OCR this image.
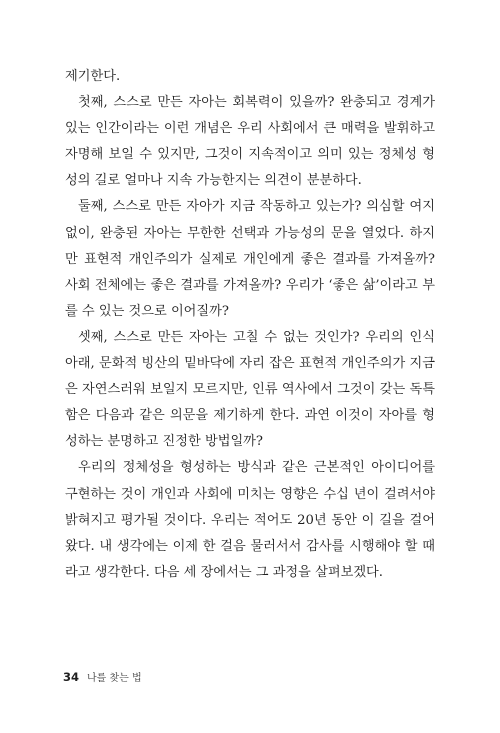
제기한다.

첫째, 스스로 만든 자아는 회복력이 있을까? 완충되고 경계가 있는 인간이라는 이런 개념은 우리 사회에서 큰 매력을 발휘하고 자명해 보일 수 있지만, 그것이 지속적이고 의미 있는 정체성 형성의 길로 얼마나 지속 가능한지는 의견이 분분하다.

둘째, 스스로 만든 자아가 지금 작동하고 있는가? 의심할 여지 없이, 완충된 자아는 무한한 선택과 가능성의 문을 열었다. 하지만 표현적 개인주의가 실제로 개인에게 좋은 결과를 가져올까? 사회 전체에는 좋은 결과를 가져올까? 우리가 ‘좋은 삶’이라고 부를 수 있는 것으로 이어질까?

셋째, 스스로 만든 자아는 고칠 수 없는 것인가? 우리의 인식 아래, 문화적 빙산의 밑바닥에 자리 잡은 표현적 개인주의가 지금은 자연스러워 보일지 모르지만, 인류 역사에서 그것이 갖는 독특함은 다음과 같은 의문을 제기하게 한다. 과연 이것이 자아를 형성하는 분명하고 진정한 방법일까?

우리의 정체성을 형성하는 방식과 같은 근본적인 아이디어를 구현하는 것이 개인과 사회에 미치는 영향은 수십 년이 걸려서야 밝혀지고 평가될 것이다. 우리는 적어도 20년 동안 이 길을 걸어왔다. 내 생각에는 이제 한 걸음 물러서서 감사를 시행해야 할 때라고 생각한다. 다음 세 장에서는 그 과정을 살펴보겠다.

34 나를 찾는 법
